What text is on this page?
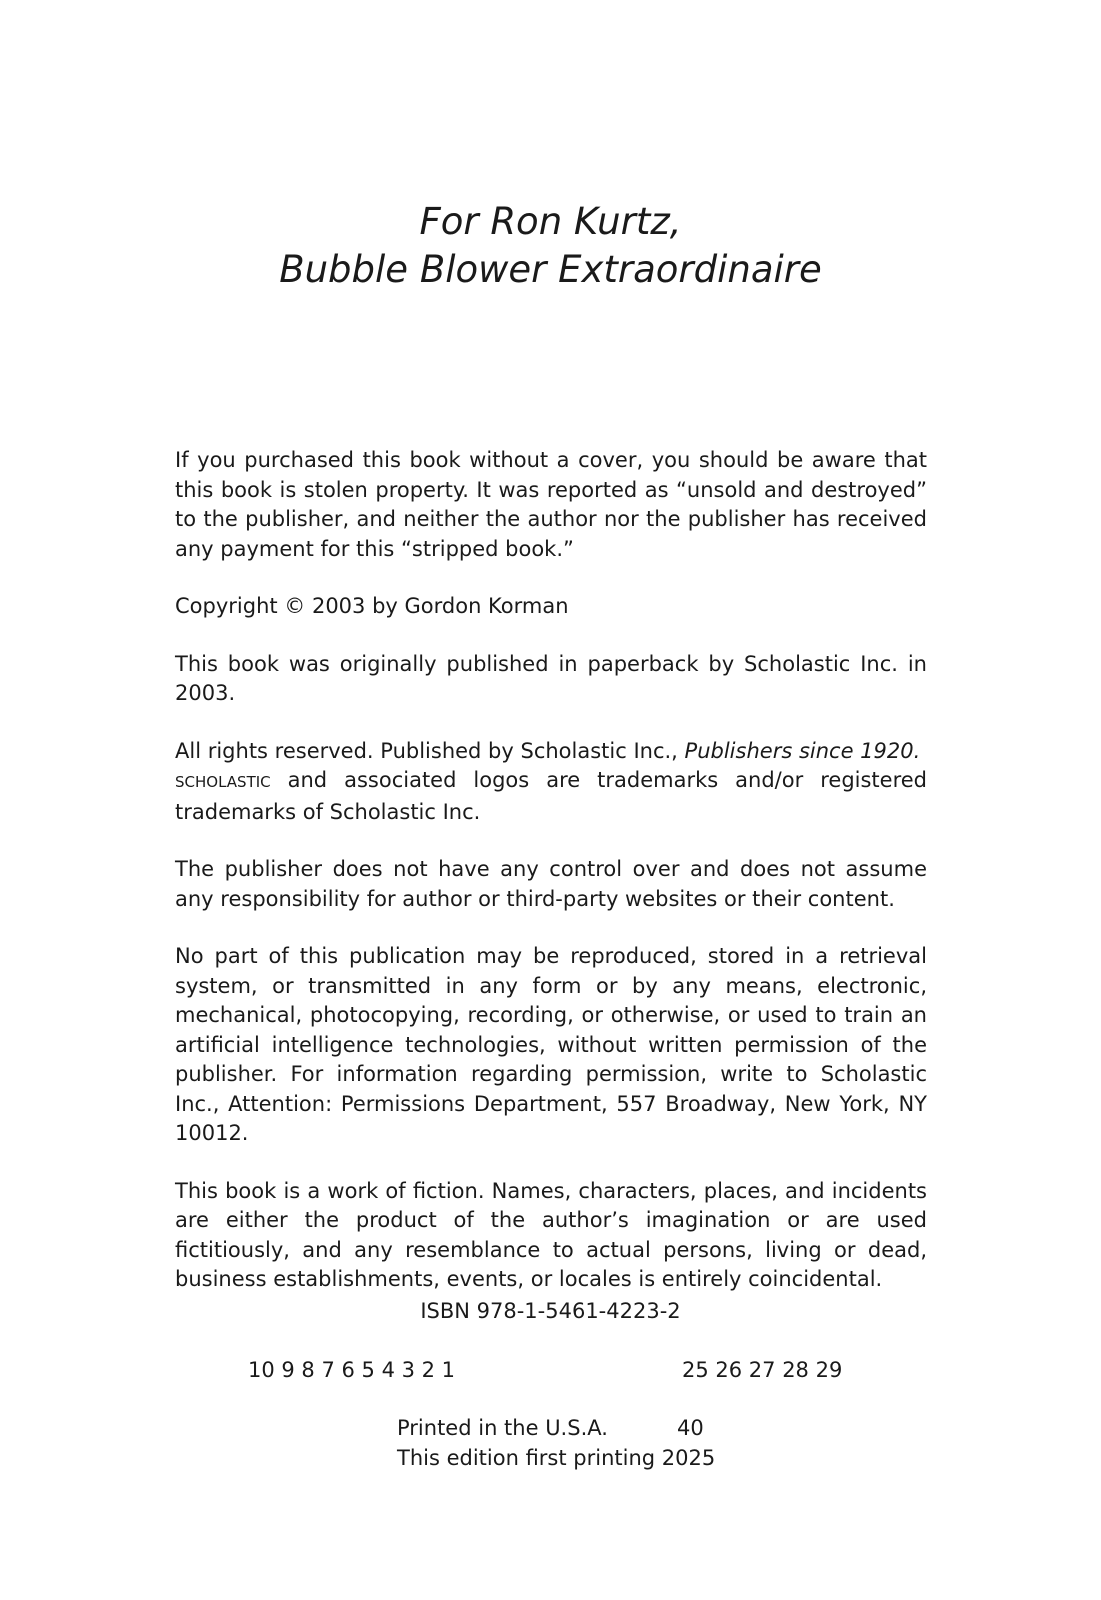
For Ron Kurtz,
Bubble Blower Extraordinaire

If you purchased this book without a cover, you should be aware that this book is stolen property. It was reported as “unsold and destroyed” to the publisher, and neither the author nor the publisher has received any payment for this “stripped book.”

Copyright © 2003 by Gordon Korman

This book was originally published in paperback by Scholastic Inc. in 2003.

All rights reserved. Published by Scholastic Inc., Publishers since 1920.
SCHOLASTIC and associated logos are trademarks and/or registered trademarks of Scholastic Inc.

The publisher does not have any control over and does not assume any responsibility for author or third-party websites or their content.

No part of this publication may be reproduced, stored in a retrieval system, or transmitted in any form or by any means, electronic, mechanical, photocopying, recording, or otherwise, or used to train an artificial intelligence technologies, without written permission of the publisher. For information regarding permission, write to Scholastic Inc., Attention: Permissions Department, 557 Broadway, New York, NY 10012.

This book is a work of fiction. Names, characters, places, and incidents are either the product of the author’s imagination or are used fictitiously, and any resemblance to actual persons, living or dead, business establishments, events, or locales is entirely coincidental.

ISBN 978-1-5461-4223-2
10 9 8 7 6 5 4 3 2 1	25 26 27 28 29
Printed in the U.S.A.	40
This edition first printing 2025
